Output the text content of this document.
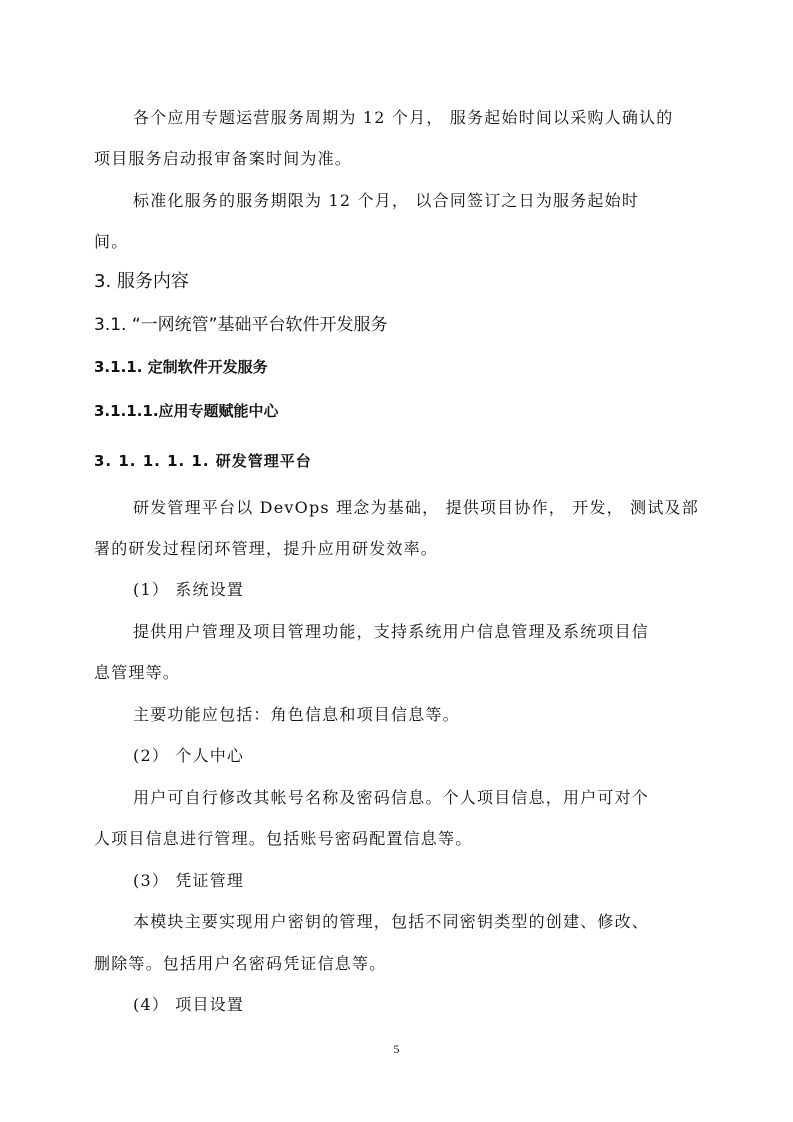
各个应用专题运营服务周期为 12 个月， 服务起始时间以采购人确认的
项目服务启动报审备案时间为准。
标准化服务的服务期限为 12 个月， 以合同签订之日为服务起始时
间。
3. 服务内容
3.1. “一网统管”基础平台软件开发服务
3.1.1. 定制软件开发服务
3.1.1.1.应用专题赋能中心
3. 1. 1. 1. 1. 研发管理平台
研发管理平台以 DevOps 理念为基础， 提供项目协作， 开发， 测试及部
署的研发过程闭环管理，提升应用研发效率。
(1） 系统设置
提供用户管理及项目管理功能，支持系统用户信息管理及系统项目信
息管理等。
主要功能应包括：角色信息和项目信息等。
(2） 个人中心
用户可自行修改其帐号名称及密码信息。个人项目信息，用户可对个
人项目信息进行管理。包括账号密码配置信息等。
(3） 凭证管理
本模块主要实现用户密钥的管理，包括不同密钥类型的创建、修改、
删除等。包括用户名密码凭证信息等。
(4） 项目设置
5
